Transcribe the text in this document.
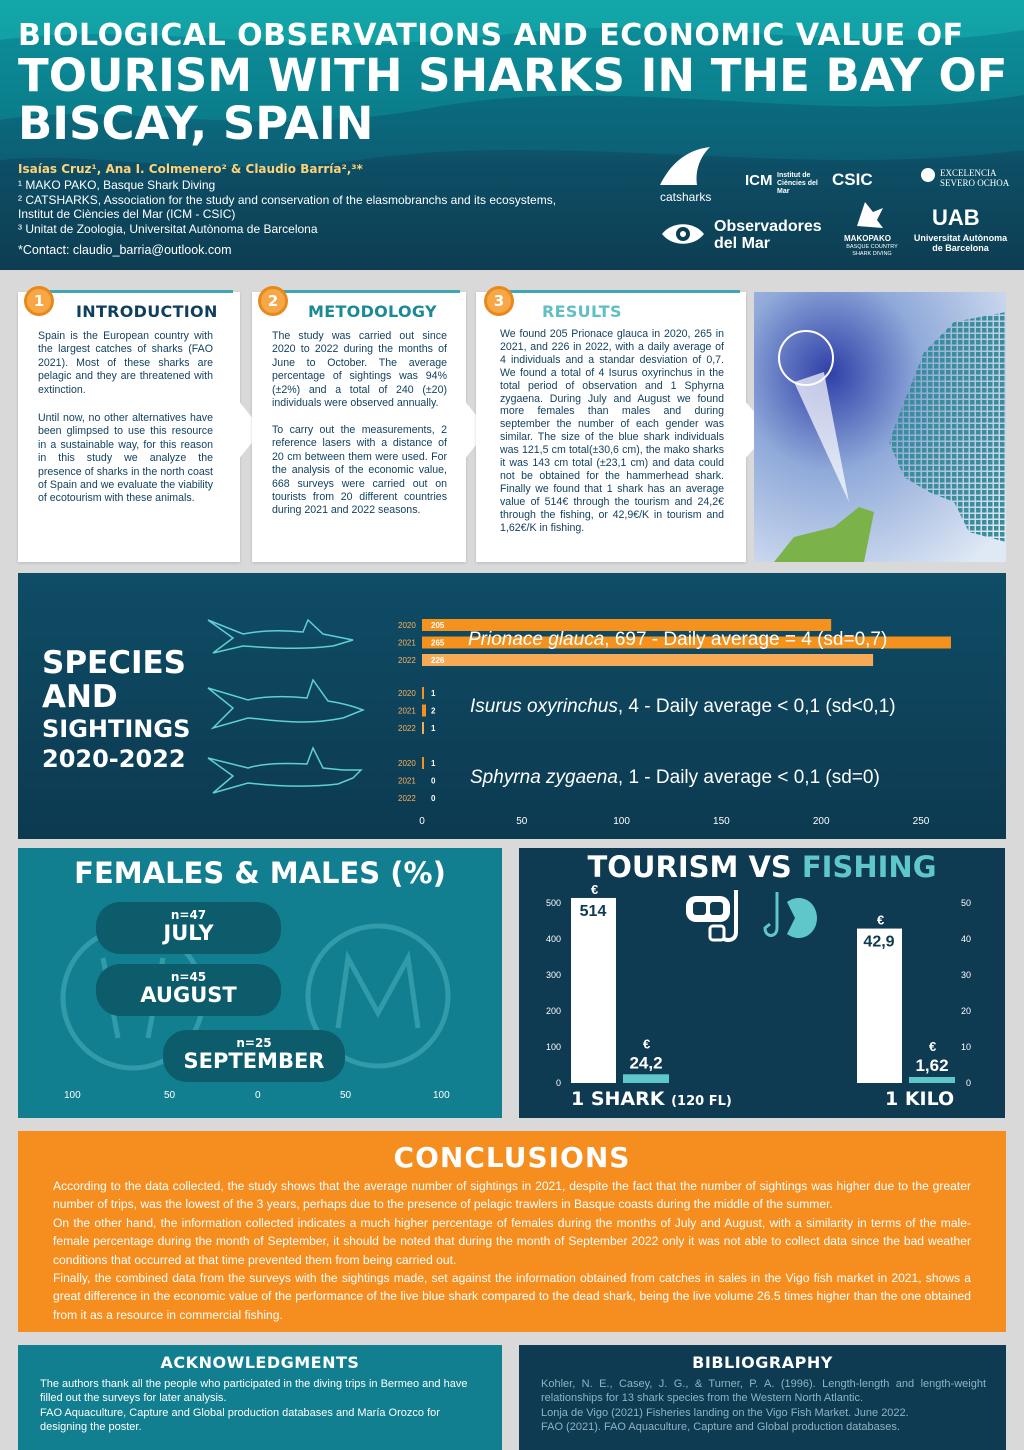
BIOLOGICAL OBSERVATIONS AND ECONOMIC VALUE OF
TOURISM WITH SHARKS IN THE BAY OF BISCAY, SPAIN
Isaías Cruz¹, Ana I. Colmenero² & Claudio Barría²,³*
¹ MAKO PAKO, Basque Shark Diving
² CATSHARKS, Association for the study and conservation of the elasmobranchs and its ecosystems,
Institut de Ciències del Mar (ICM - CSIC)
³ Unitat de Zoologia, Universitat Autònoma de Barcelona
*Contact: claudio_barria@outlook.com
catsharks
ICM Institut de Ciències del Mar
CSIC	EXCELENCIA SEVERO OCHOA
Observadores del Mar	MAKOPAKO
BASQUE COUNTRY SHARK DIVING
UAB
Universitat Autònoma de Barcelona
1
INTRODUCTION
Spain is the European country with the largest catches of sharks (FAO 2021). Most of these sharks are pelagic and they are threatened with extinction.
Until now, no other alternatives have been glimpsed to use this resource in a sustainable way, for this reason in this study we analyze the presence of sharks in the north coast of Spain and we evaluate the viability of ecotourism with these animals.
2
METODOLOGY
The study was carried out since 2020 to 2022 during the months of June to October. The average percentage of sightings was 94% (±2%) and a total of 240 (±20) individuals were observed annually.
To carry out the measurements, 2 reference lasers with a distance of 20 cm between them were used. For the analysis of the economic value, 668 surveys were carried out on tourists from 20 different countries during 2021 and 2022 seasons.
3
RESULTS
We found 205 Prionace glauca in 2020, 265 in 2021, and 226 in 2022, with a daily average of 4 individuals and a standar desviation of 0,7. We found a total of 4 Isurus oxyrinchus in the total period of observation and 1 Sphyrna zygaena. During July and August we found more females than males and during september the number of each gender was similar. The size of the blue shark individuals was 121,5 cm total(±30,6 cm), the mako sharks it was 143 cm total (±23,1 cm) and data could not be obtained for the hammerhead shark. Finally we found that 1 shark has an average value of 514€ through the tourism and 24,2€ through the fishing, or 42,9€/K in tourism and 1,62€/K in fishing.
SPECIES
AND
SIGHTINGS
2020-2022
2020 205
2021 265
2022 226
2020 1
2021 2
2022 1
2020 1
2021 0
2022 0
0	50	100	150	200	250
Prionace glauca, 697 - Daily average = 4 (sd=0,7)
Isurus oxyrinchus, 4 - Daily average < 0,1 (sd<0,1)
Sphyrna zygaena, 1 - Daily average < 0,1 (sd=0)
FEMALES & MALES (%)
n=47
JULY
n=45
AUGUST
n=25
SEPTEMBER
100	50	0	50	100
TOURISM VS FISHING
500
400
300
200
100
0
50
40
30
20
10
0
€
514
€
24,2
€
42,9
€
1,62
1 SHARK (120 FL)	1 KILO
CONCLUSIONS
According to the data collected, the study shows that the average number of sightings in 2021, despite the fact that the number of sightings was higher due to the greater number of trips, was the lowest of the 3 years, perhaps due to the presence of pelagic trawlers in Basque coasts during the middle of the summer.
On the other hand, the information collected indicates a much higher percentage of females during the months of July and August, with a similarity in terms of the male-female percentage during the month of September, it should be noted that during the month of September 2022 only it was not able to collect data since the bad weather conditions that occurred at that time prevented them from being carried out.
Finally, the combined data from the surveys with the sightings made, set against the information obtained from catches in sales in the Vigo fish market in 2021, shows a great difference in the economic value of the performance of the live blue shark compared to the dead shark, being the live volume 26.5 times higher than the one obtained from it as a resource in commercial fishing.
ACKNOWLEDGMENTS
The authors thank all the people who participated in the diving trips in Bermeo and have filled out the surveys for later analysis.
FAO Aquaculture, Capture and Global production databases and María Orozco for designing the poster.
BIBLIOGRAPHY
Kohler, N. E., Casey, J. G., & Turner, P. A. (1996). Length-length and length-weight relationships for 13 shark species from the Western North Atlantic.
Lonja de Vigo (2021) Fisheries landing on the Vigo Fish Market. June 2022.
FAO (2021). FAO Aquaculture, Capture and Global production databases.
